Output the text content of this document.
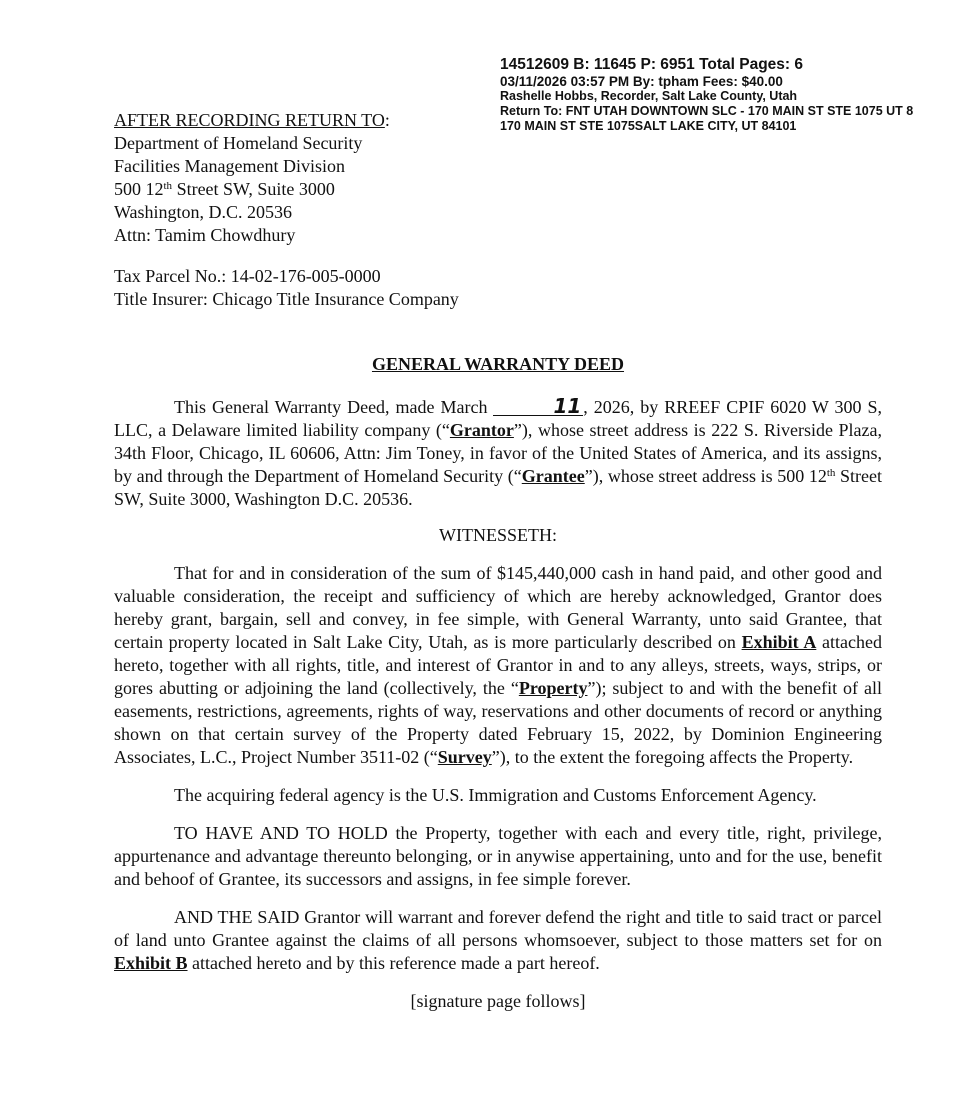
14512609 B: 11645 P: 6951 Total Pages: 6
03/11/2026 03:57 PM By: tpham Fees: $40.00
Rashelle Hobbs, Recorder, Salt Lake County, Utah
Return To: FNT UTAH DOWNTOWN SLC - 170 MAIN ST STE 1075 UT 8
170 MAIN ST STE 1075SALT LAKE CITY, UT 84101
AFTER RECORDING RETURN TO:
Department of Homeland Security
Facilities Management Division
500 12th Street SW, Suite 3000
Washington, D.C. 20536
Attn: Tamim Chowdhury
Tax Parcel No.: 14-02-176-005-0000
Title Insurer: Chicago Title Insurance Company
GENERAL WARRANTY DEED

This General Warranty Deed, made March	11 , 2026, by RREEF CPIF 6020 W 300 S, LLC, a Delaware limited liability company (“Grantor”), whose street address is 222 S. Riverside Plaza, 34th Floor, Chicago, IL 60606, Attn: Jim Toney, in favor of the United States of America, and its assigns, by and through the Department of Homeland Security (“Grantee”), whose street address is 500 12th Street SW, Suite 3000, Washington D.C. 20536.

WITNESSETH:

That for and in consideration of the sum of $145,440,000 cash in hand paid, and other good and valuable consideration, the receipt and sufficiency of which are hereby acknowledged, Grantor does hereby grant, bargain, sell and convey, in fee simple, with General Warranty, unto said Grantee, that certain property located in Salt Lake City, Utah, as is more particularly described on Exhibit A attached hereto, together with all rights, title, and interest of Grantor in and to any alleys, streets, ways, strips, or gores abutting or adjoining the land (collectively, the “Property”); subject to and with the benefit of all easements, restrictions, agreements, rights of way, reservations and other documents of record or anything shown on that certain survey of the Property dated February 15, 2022, by Dominion Engineering Associates, L.C., Project Number 3511-02 (“Survey”), to the extent the foregoing affects the Property.

The acquiring federal agency is the U.S. Immigration and Customs Enforcement Agency.

TO HAVE AND TO HOLD the Property, together with each and every title, right, privilege, appurtenance and advantage thereunto belonging, or in anywise appertaining, unto and for the use, benefit and behoof of Grantee, its successors and assigns, in fee simple forever.

AND THE SAID Grantor will warrant and forever defend the right and title to said tract or parcel of land unto Grantee against the claims of all persons whomsoever, subject to those matters set for on Exhibit B attached hereto and by this reference made a part hereof.

[signature page follows]
